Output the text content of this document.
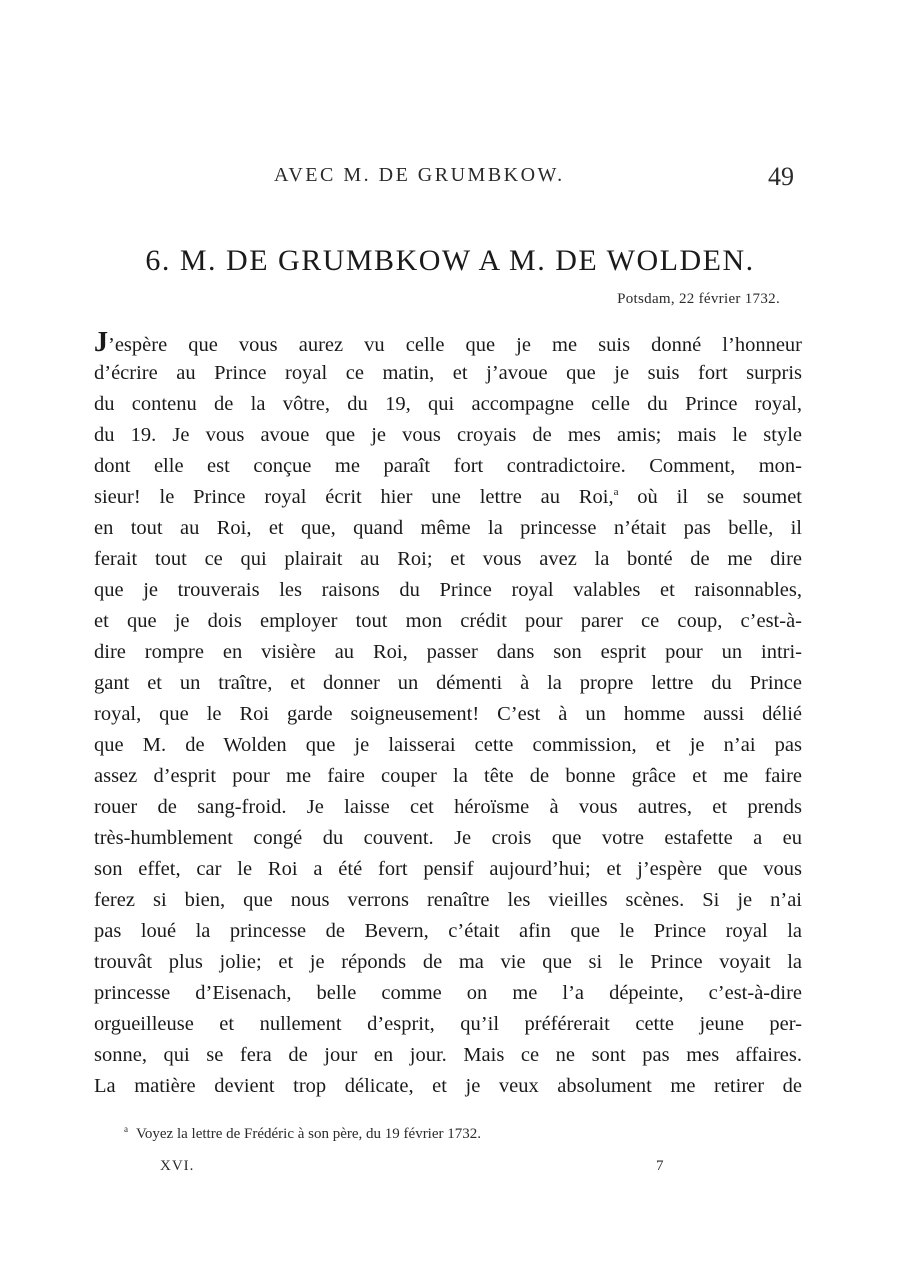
AVEC M. DE GRUMBKOW.	49
6. M. DE GRUMBKOW A M. DE WOLDEN.
Potsdam, 22 février 1732.
J’espère que vous aurez vu celle que je me suis donné l’honneur
d’écrire au Prince royal ce matin, et j’avoue que je suis fort surpris
du contenu de la vôtre, du 19, qui accompagne celle du Prince royal,
du 19. Je vous avoue que je vous croyais de mes amis; mais le style
dont elle est conçue me paraît fort contradictoire. Comment, mon-
sieur! le Prince royal écrit hier une lettre au Roi,$^a$ où il se soumet
en tout au Roi, et que, quand même la princesse n’était pas belle, il
ferait tout ce qui plairait au Roi; et vous avez la bonté de me dire
que je trouverais les raisons du Prince royal valables et raisonnables,
et que je dois employer tout mon crédit pour parer ce coup, c’est-à-
dire rompre en visière au Roi, passer dans son esprit pour un intri-
gant et un traître, et donner un démenti à la propre lettre du Prince
royal, que le Roi garde soigneusement! C’est à un homme aussi délié
que M. de Wolden que je laisserai cette commission, et je n’ai pas
assez d’esprit pour me faire couper la tête de bonne grâce et me faire
rouer de sang-froid. Je laisse cet héroïsme à vous autres, et prends
très-humblement congé du couvent. Je crois que votre estafette a eu
son effet, car le Roi a été fort pensif aujourd’hui; et j’espère que vous
ferez si bien, que nous verrons renaître les vieilles scènes. Si je n’ai
pas loué la princesse de Bevern, c’était afin que le Prince royal la
trouvât plus jolie; et je réponds de ma vie que si le Prince voyait la
princesse d’Eisenach, belle comme on me l’a dépeinte, c’est-à-dire
orgueilleuse et nullement d’esprit, qu’il préférerait cette jeune per-
sonne, qui se fera de jour en jour. Mais ce ne sont pas mes affaires.
La matière devient trop délicate, et je veux absolument me retirer de
$^a$ Voyez la lettre de Frédéric à son père, du 19 février 1732.
XVI.	7
